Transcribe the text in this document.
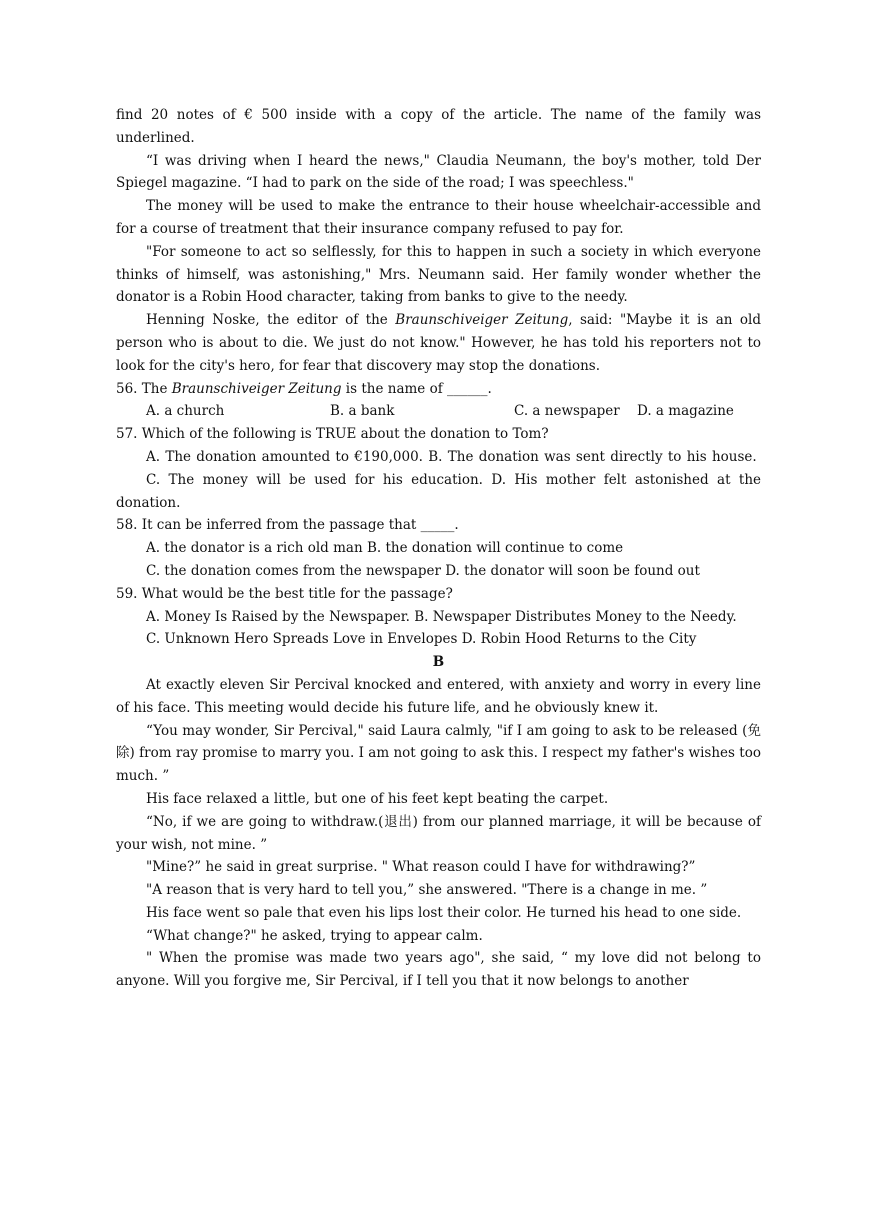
find 20 notes of € 500 inside with a copy of the article. The name of the family was underlined.

“I was driving when I heard the news," Claudia Neumann, the boy's mother, told Der Spiegel magazine. “I had to park on the side of the road; I was speechless."

The money will be used to make the entrance to their house wheelchair-accessible and for a course of treatment that their insurance company refused to pay for.

"For someone to act so selflessly, for this to happen in such a society in which everyone thinks of himself, was astonishing," Mrs. Neumann said. Her family wonder whether the donator is a Robin Hood character, taking from banks to give to the needy.

Henning Noske, the editor of the Braunschiveiger Zeitung, said: "Maybe it is an old person who is about to die. We just do not know." However, he has told his reporters not to look for the city's hero, for fear that discovery may stop the donations.

56. The Braunschiveiger Zeitung is the name of ______.

A. a church	B. a bank	C. a newspaper	D. a magazine

57. Which of the following is TRUE about the donation to Tom?

A. The donation amounted to €190,000. B. The donation was sent directly to his house.

C. The money will be used for his education. D. His mother felt astonished at the donation.

58. It can be inferred from the passage that _____.

A. the donator is a rich old man B. the donation will continue to come

C. the donation comes from the newspaper D. the donator will soon be found out

59. What would be the best title for the passage?

A. Money Is Raised by the Newspaper. B. Newspaper Distributes Money to the Needy.

C. Unknown Hero Spreads Love in Envelopes D. Robin Hood Returns to the City

B

At exactly eleven Sir Percival knocked and entered, with anxiety and worry in every line of his face. This meeting would decide his future life, and he obviously knew it.

“You may wonder, Sir Percival," said Laura calmly, "if I am going to ask to be released (免除) from ray promise to marry you. I am not going to ask this. I respect my father's wishes too much. ”

His face relaxed a little, but one of his feet kept beating the carpet.

“No, if we are going to withdraw.(退出) from our planned marriage, it will be because of your wish, not mine. ”

"Mine?” he said in great surprise. " What reason could I have for withdrawing?”

"A reason that is very hard to tell you,” she answered. "There is a change in me. ”

His face went so pale that even his lips lost their color. He turned his head to one side.

“What change?" he asked, trying to appear calm.

" When the promise was made two years ago", she said, “ my love did not belong to anyone. Will you forgive me, Sir Percival, if I tell you that it now belongs to another
